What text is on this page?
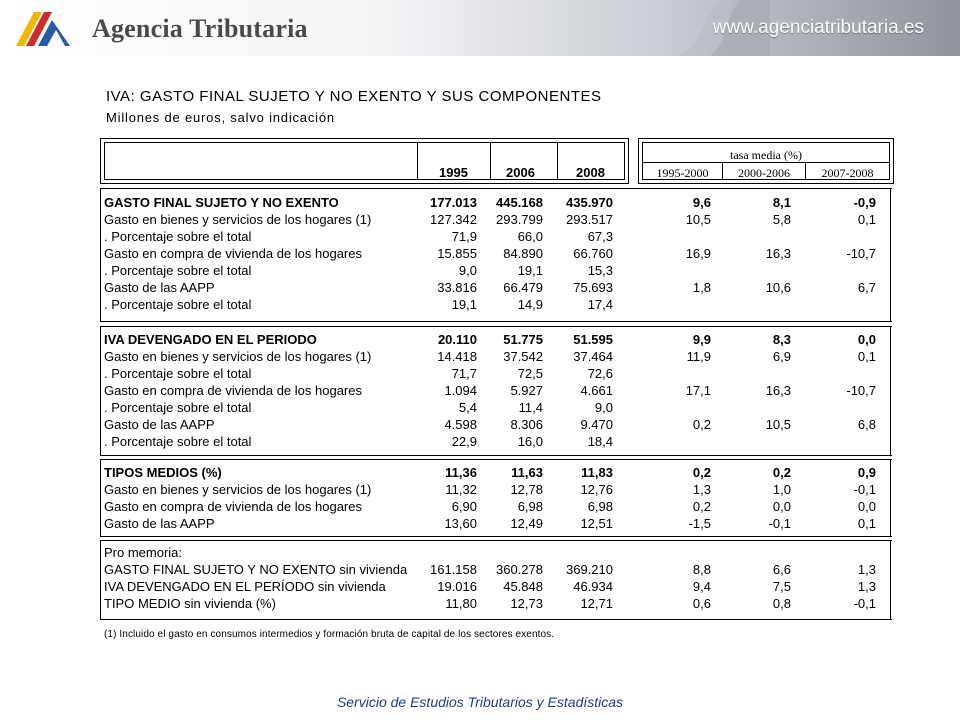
Agencia Tributaria	www.agenciatributaria.es
IVA: GASTO FINAL SUJETO Y NO EXENTO Y SUS COMPONENTES
Millones de euros, salvo indicación
1995	2006	2008
tasa media (%)
1995-2000	2000-2006	2007-2008
GASTO FINAL SUJETO Y NO EXENTO	177.013	445.168	435.970	9,6	8,1	-0,9
Gasto en bienes y servicios de los hogares (1)	127.342	293.799	293.517	10,5	5,8	0,1
. Porcentaje sobre el total	71,9	66,0	67,3			
Gasto en compra de vivienda de los hogares	15.855	84.890	66.760	16,9	16,3	-10,7
. Porcentaje sobre el total	9,0	19,1	15,3			
Gasto de las AAPP	33.816	66.479	75.693	1,8	10,6	6,7
. Porcentaje sobre el total	19,1	14,9	17,4			
IVA DEVENGADO EN EL PERIODO	20.110	51.775	51.595	9,9	8,3	0,0
Gasto en bienes y servicios de los hogares (1)	14.418	37.542	37.464	11,9	6,9	0,1
. Porcentaje sobre el total	71,7	72,5	72,6			
Gasto en compra de vivienda de los hogares	1.094	5.927	4.661	17,1	16,3	-10,7
. Porcentaje sobre el total	5,4	11,4	9,0			
Gasto de las AAPP	4.598	8.306	9.470	0,2	10,5	6,8
. Porcentaje sobre el total	22,9	16,0	18,4			
TIPOS MEDIOS (%)	11,36	11,63	11,83	0,2	0,2	0,9
Gasto en bienes y servicios de los hogares (1)	11,32	12,78	12,76	1,3	1,0	-0,1
Gasto en compra de vivienda de los hogares	6,90	6,98	6,98	0,2	0,0	0,0
Gasto de las AAPP	13,60	12,49	12,51	-1,5	-0,1	0,1
Pro memoria:						
GASTO FINAL SUJETO Y NO EXENTO sin vivienda	161.158	360.278	369.210	8,8	6,6	1,3
IVA DEVENGADO EN EL PERÍODO sin vivienda	19.016	45.848	46.934	9,4	7,5	1,3
TIPO MEDIO sin vivienda (%)	11,80	12,73	12,71	0,6	0,8	-0,1
(1) Incluido el gasto en consumos intermedios y formación bruta de capital de los sectores exentos.
Servicio de Estudios Tributarios y Estadísticas
